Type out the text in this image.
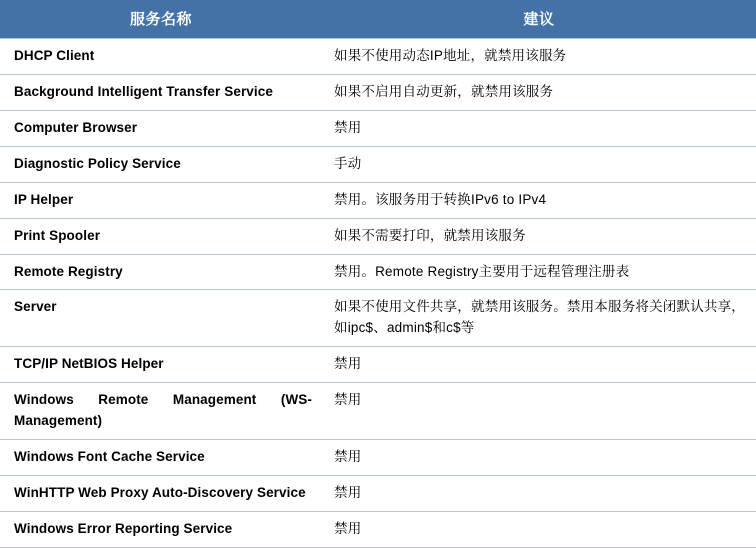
服务名称	建议
DHCP Client	如果不使用动态IP地址，就禁用该服务
Background Intelligent Transfer Service	如果不启用自动更新，就禁用该服务
Computer Browser	禁用
Diagnostic Policy Service	手动
IP Helper	禁用。该服务用于转换IPv6 to IPv4
Print Spooler	如果不需要打印，就禁用该服务
Remote Registry	禁用。Remote Registry主要用于远程管理注册表
Server	如果不使用文件共享，就禁用该服务。禁用本服务将关闭默认共享，如ipc$、admin$和c$等
TCP/IP NetBIOS Helper	禁用
Windows Remote Management (WS-Management)	禁用
Windows Font Cache Service	禁用
WinHTTP Web Proxy Auto-Discovery Service	禁用
Windows Error Reporting Service	禁用
